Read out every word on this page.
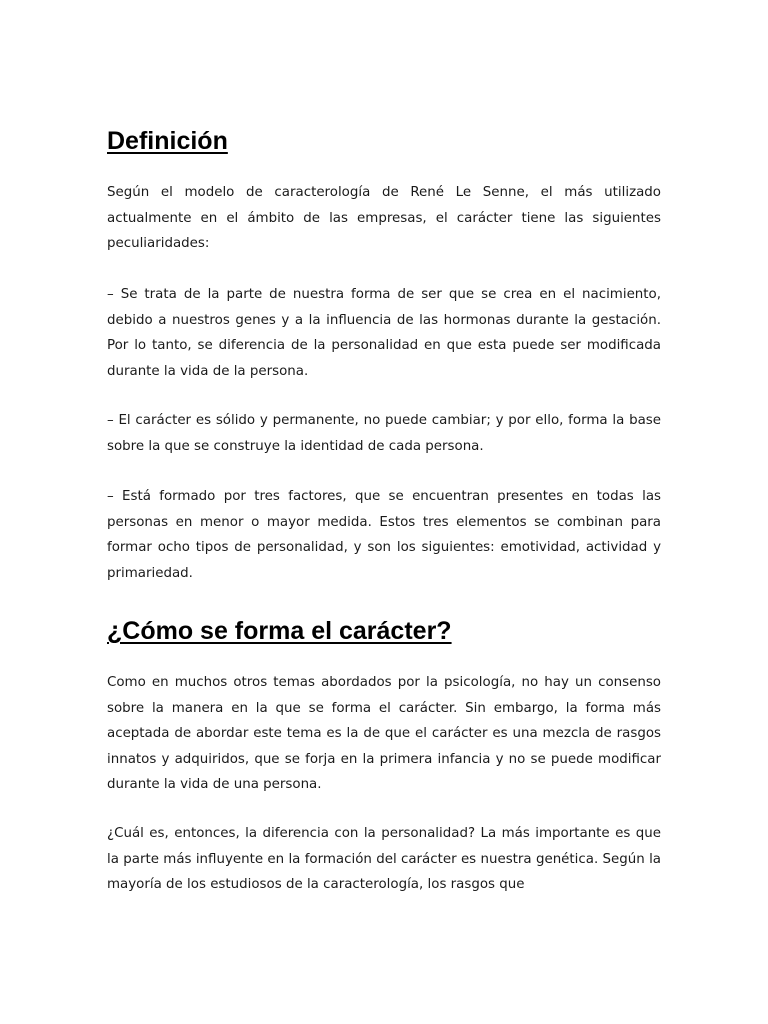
Definición

Según el modelo de caracterología de René Le Senne, el más utilizado actualmente en el ámbito de las empresas, el carácter tiene las siguientes peculiaridades:

– Se trata de la parte de nuestra forma de ser que se crea en el nacimiento, debido a nuestros genes y a la influencia de las hormonas durante la gestación. Por lo tanto, se diferencia de la personalidad en que esta puede ser modificada durante la vida de la persona.

– El carácter es sólido y permanente, no puede cambiar; y por ello, forma la base sobre la que se construye la identidad de cada persona.

– Está formado por tres factores, que se encuentran presentes en todas las personas en menor o mayor medida. Estos tres elementos se combinan para formar ocho tipos de personalidad, y son los siguientes: emotividad, actividad y primariedad.

¿Cómo se forma el carácter?

Como en muchos otros temas abordados por la psicología, no hay un consenso sobre la manera en la que se forma el carácter. Sin embargo, la forma más aceptada de abordar este tema es la de que el carácter es una mezcla de rasgos innatos y adquiridos, que se forja en la primera infancia y no se puede modificar durante la vida de una persona.

¿Cuál es, entonces, la diferencia con la personalidad? La más importante es que la parte más influyente en la formación del carácter es nuestra genética. Según la mayoría de los estudiosos de la caracterología, los rasgos que
